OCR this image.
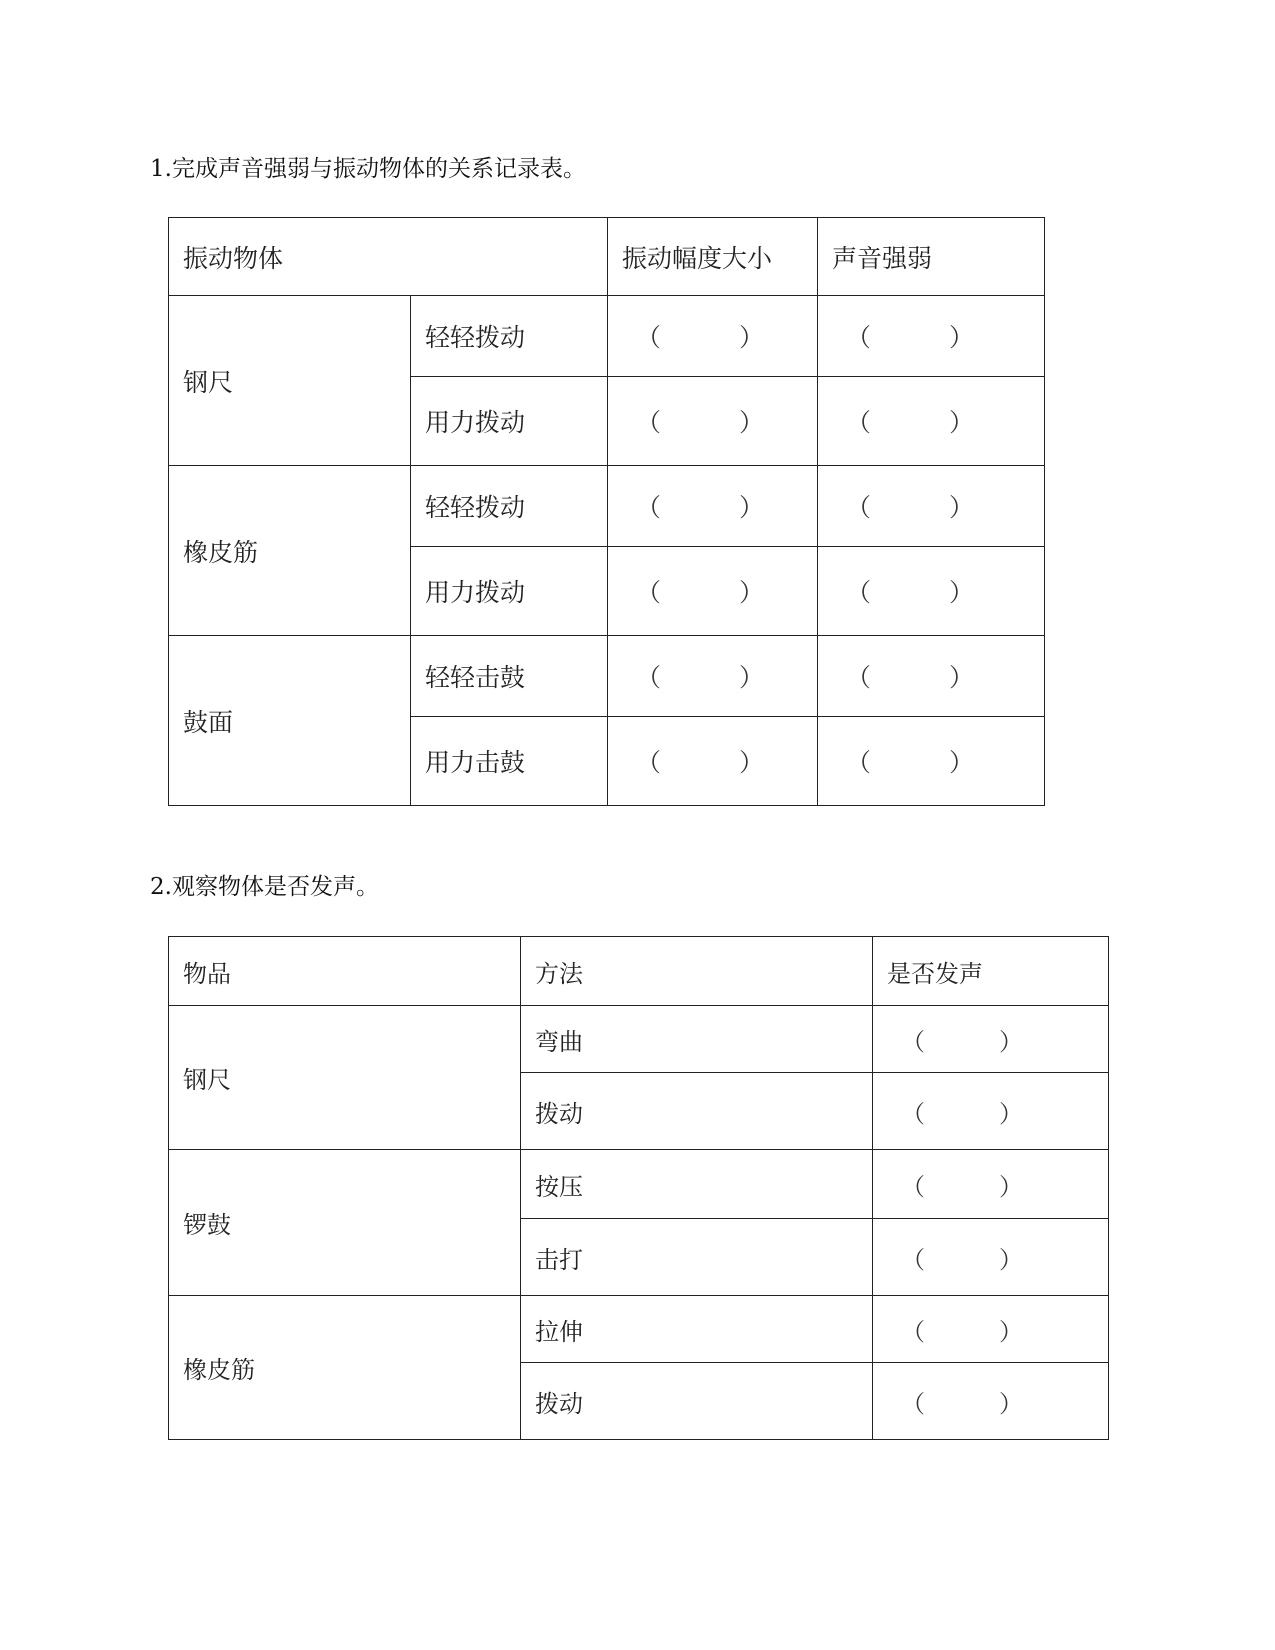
1.完成声音强弱与振动物体的关系记录表。
振动物体		振动幅度大小	声音强弱
钢尺	轻轻拨动	（ ）	（ ）
	用力拨动	（ ）	（ ）
橡皮筋	轻轻拨动	（ ）	（ ）
	用力拨动	（ ）	（ ）
鼓面	轻轻击鼓	（ ）	（ ）
	用力击鼓	（ ）	（ ）
2.观察物体是否发声。
物品	方法	是否发声
钢尺	弯曲	（ ）
	拨动	（ ）
锣鼓	按压	（ ）
	击打	（ ）
橡皮筋	拉伸	（ ）
	拨动	（ ）
